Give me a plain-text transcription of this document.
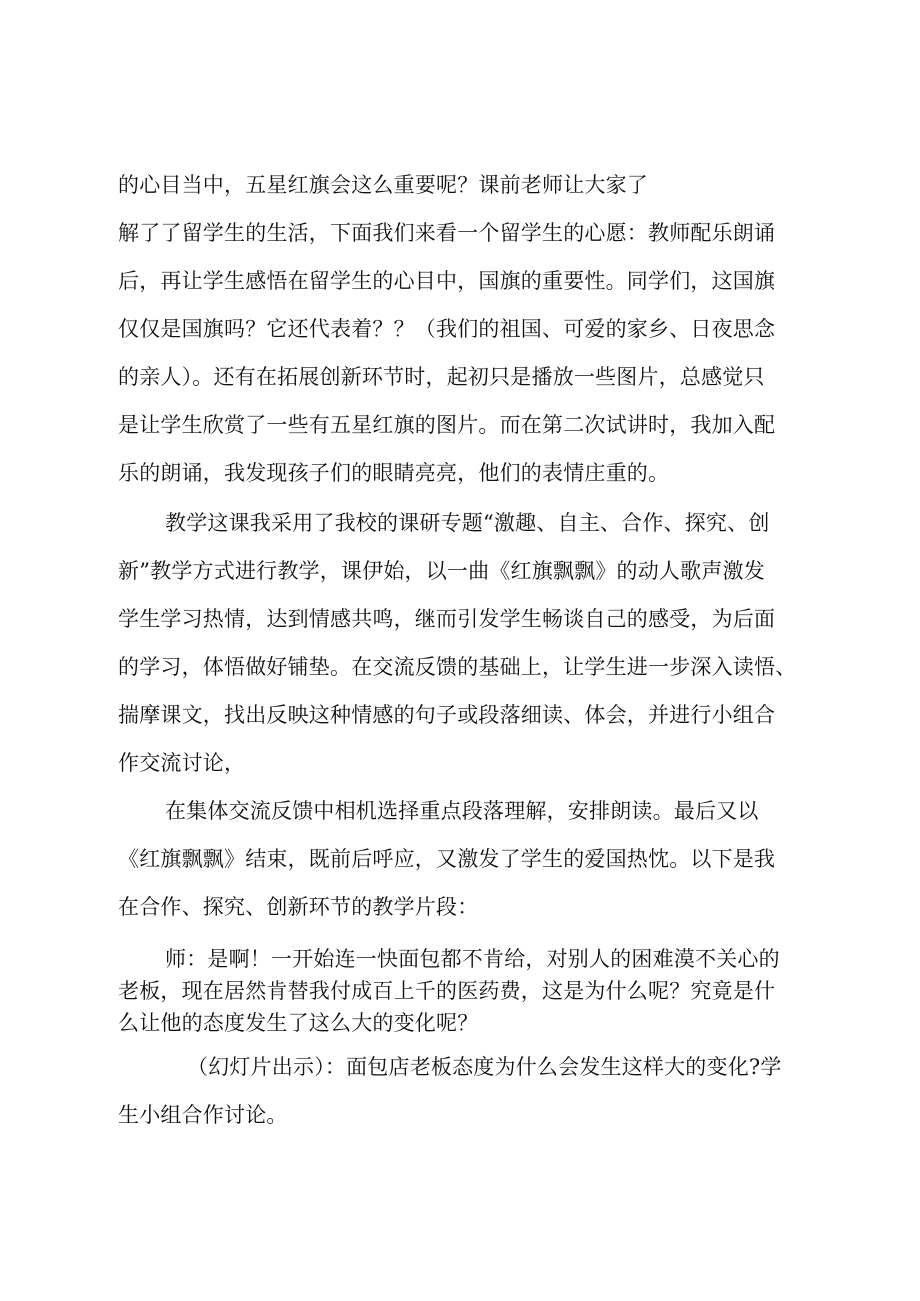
的心目当中，五星红旗会这么重要呢？课前老师让大家了
解了了留学生的生活，下面我们来看一个留学生的心愿：教师配乐朗诵
后，再让学生感悟在留学生的心目中，国旗的重要性。同学们，这国旗
仅仅是国旗吗？它还代表着？？（我们的祖国、可爱的家乡、日夜思念
的亲人）。还有在拓展创新环节时，起初只是播放一些图片，总感觉只
是让学生欣赏了一些有五星红旗的图片。而在第二次试讲时，我加入配
乐的朗诵，我发现孩子们的眼睛亮亮，他们的表情庄重的。
教学这课我采用了我校的课研专题“激趣、自主、合作、探究、创
新”教学方式进行教学，课伊始，以一曲《红旗飘飘》的动人歌声激发
学生学习热情，达到情感共鸣，继而引发学生畅谈自己的感受，为后面
的学习，体悟做好铺垫。在交流反馈的基础上，让学生进一步深入读悟、
揣摩课文，找出反映这种情感的句子或段落细读、体会，并进行小组合
作交流讨论，
在集体交流反馈中相机选择重点段落理解，安排朗读。最后又以
《红旗飘飘》结束，既前后呼应，又激发了学生的爱国热忱。以下是我
在合作、探究、创新环节的教学片段：
师：是啊！一开始连一快面包都不肯给，对别人的困难漠不关心的
老板，现在居然肯替我付成百上千的医药费，这是为什么呢？究竟是什
么让他的态度发生了这么大的变化呢？
（幻灯片出示）：面包店老板态度为什么会发生这样大的变化?学
生小组合作讨论。
